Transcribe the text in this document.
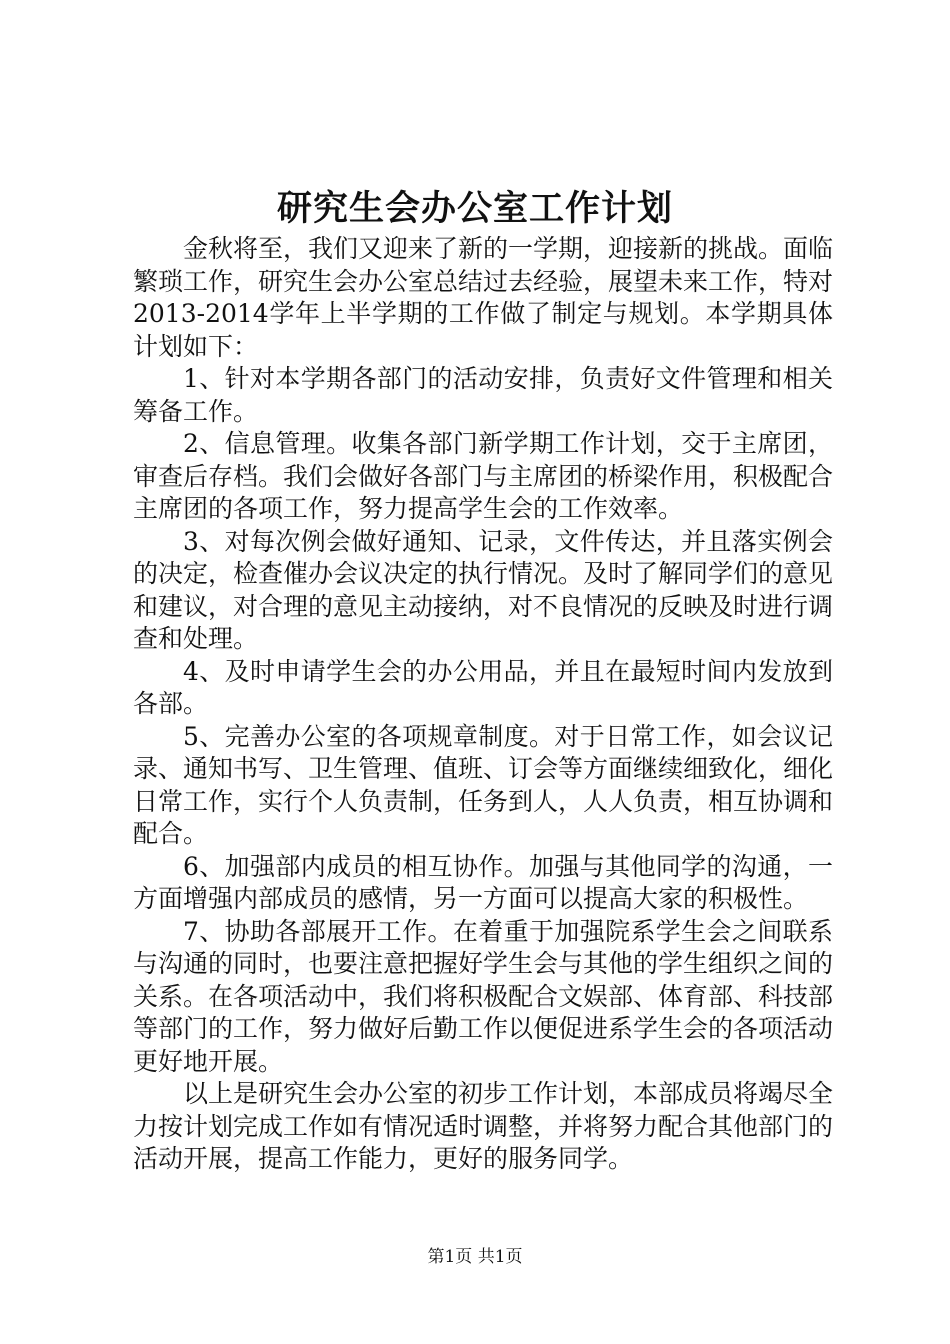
研究生会办公室工作计划

金秋将至，我们又迎来了新的一学期，迎接新的挑战。面临繁琐工作，研究生会办公室总结过去经验，展望未来工作，特对2013-2014学年上半学期的工作做了制定与规划。本学期具体计划如下：

1、针对本学期各部门的活动安排，负责好文件管理和相关筹备工作。

2、信息管理。收集各部门新学期工作计划，交于主席团，审查后存档。我们会做好各部门与主席团的桥梁作用，积极配合主席团的各项工作，努力提高学生会的工作效率。

3、对每次例会做好通知、记录，文件传达，并且落实例会的决定，检查催办会议决定的执行情况。及时了解同学们的意见和建议，对合理的意见主动接纳，对不良情况的反映及时进行调查和处理。

4、及时申请学生会的办公用品，并且在最短时间内发放到各部。

5、完善办公室的各项规章制度。对于日常工作，如会议记录、通知书写、卫生管理、值班、订会等方面继续细致化，细化日常工作，实行个人负责制，任务到人，人人负责，相互协调和配合。

6、加强部内成员的相互协作。加强与其他同学的沟通，一方面增强内部成员的感情，另一方面可以提高大家的积极性。

7、协助各部展开工作。在着重于加强院系学生会之间联系与沟通的同时，也要注意把握好学生会与其他的学生组织之间的关系。在各项活动中，我们将积极配合文娱部、体育部、科技部等部门的工作，努力做好后勤工作以便促进系学生会的各项活动更好地开展。

以上是研究生会办公室的初步工作计划，本部成员将竭尽全力按计划完成工作如有情况适时调整，并将努力配合其他部门的活动开展，提高工作能力，更好的服务同学。

第1页 共1页
